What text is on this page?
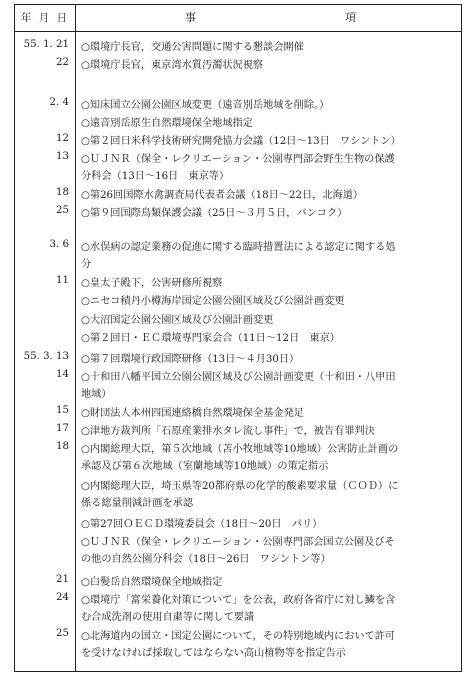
年 月 日	事	項
55. 1. 21 ○環境庁長官，交通公害問題に関する懇談会開催
22 ○環境庁長官，東京湾水質汚濁状況視察
2. 4 ○知床国立公園公園区域変更（遠音別岳地域を削除。）
○遠音別岳原生自然環境保全地域指定
12 ○第２回日米科学技術研究開発協力会議（12日～13日　ワシントン）
13 ○ＵＪＮＲ（保全・レクリエーション・公園専門部会野生生物の保護
分科会（13日～16日　東京等）
18 ○第26回国際水禽調査局代表者会議（18日～22日，北海道）
25 ○第９回国際鳥類保護会議（25日～３月５日，バンコク）
3. 6 ○水俣病の認定業務の促進に関する臨時措置法による認定に関する処
分
11 ○皇太子殿下，公害研修所視察
○ニセコ積丹小樽海岸国定公園公園区域及び公園計画変更
○大沼国定公園公園区域及び公園計画変更
○第２回日・ＥＣ環境専門家会合（11日～12日　東京）
55. 3. 13 ○第７回環境行政国際研修（13日～４月30日）
14 ○十和田八幡平国立公園公園区域及び公園計画変更（十和田・八甲田
地域）
15 ○財団法人本州四国連絡橋自然環境保全基金発足
17 ○津地方裁判所「石原産業排水タレ流し事件」で，被告有罪判決
18 ○内閣総理大臣，第５次地域（苫小牧地域等10地域）公害防止計画の
承認及び第６次地域（室蘭地域等10地域）の策定指示
○内閣総理大臣，埼玉県等20都府県の化学的酸素要求量（ＣＯＤ）に
係る総量削減計画を承認
○第27回ＯＥＣＤ環境委員会（18日～20日　パリ）
○ＵＪＮＲ（保全・レクリエーション・公園専門部会国立公園及びそ
の他の自然公園分科会（18日～26日　ワシントン等）
21 ○白髪岳自然環境保全地域指定
24 ○環境庁「富栄養化対策について」を公表，政府各省庁に対し鱗を含
む合成洗剤の使用自粛等に関して要請
25 ○北海道内の国立・国定公園について，その特別地域内において許可
を受けなければ採取してはならない高山植物等を指定告示
